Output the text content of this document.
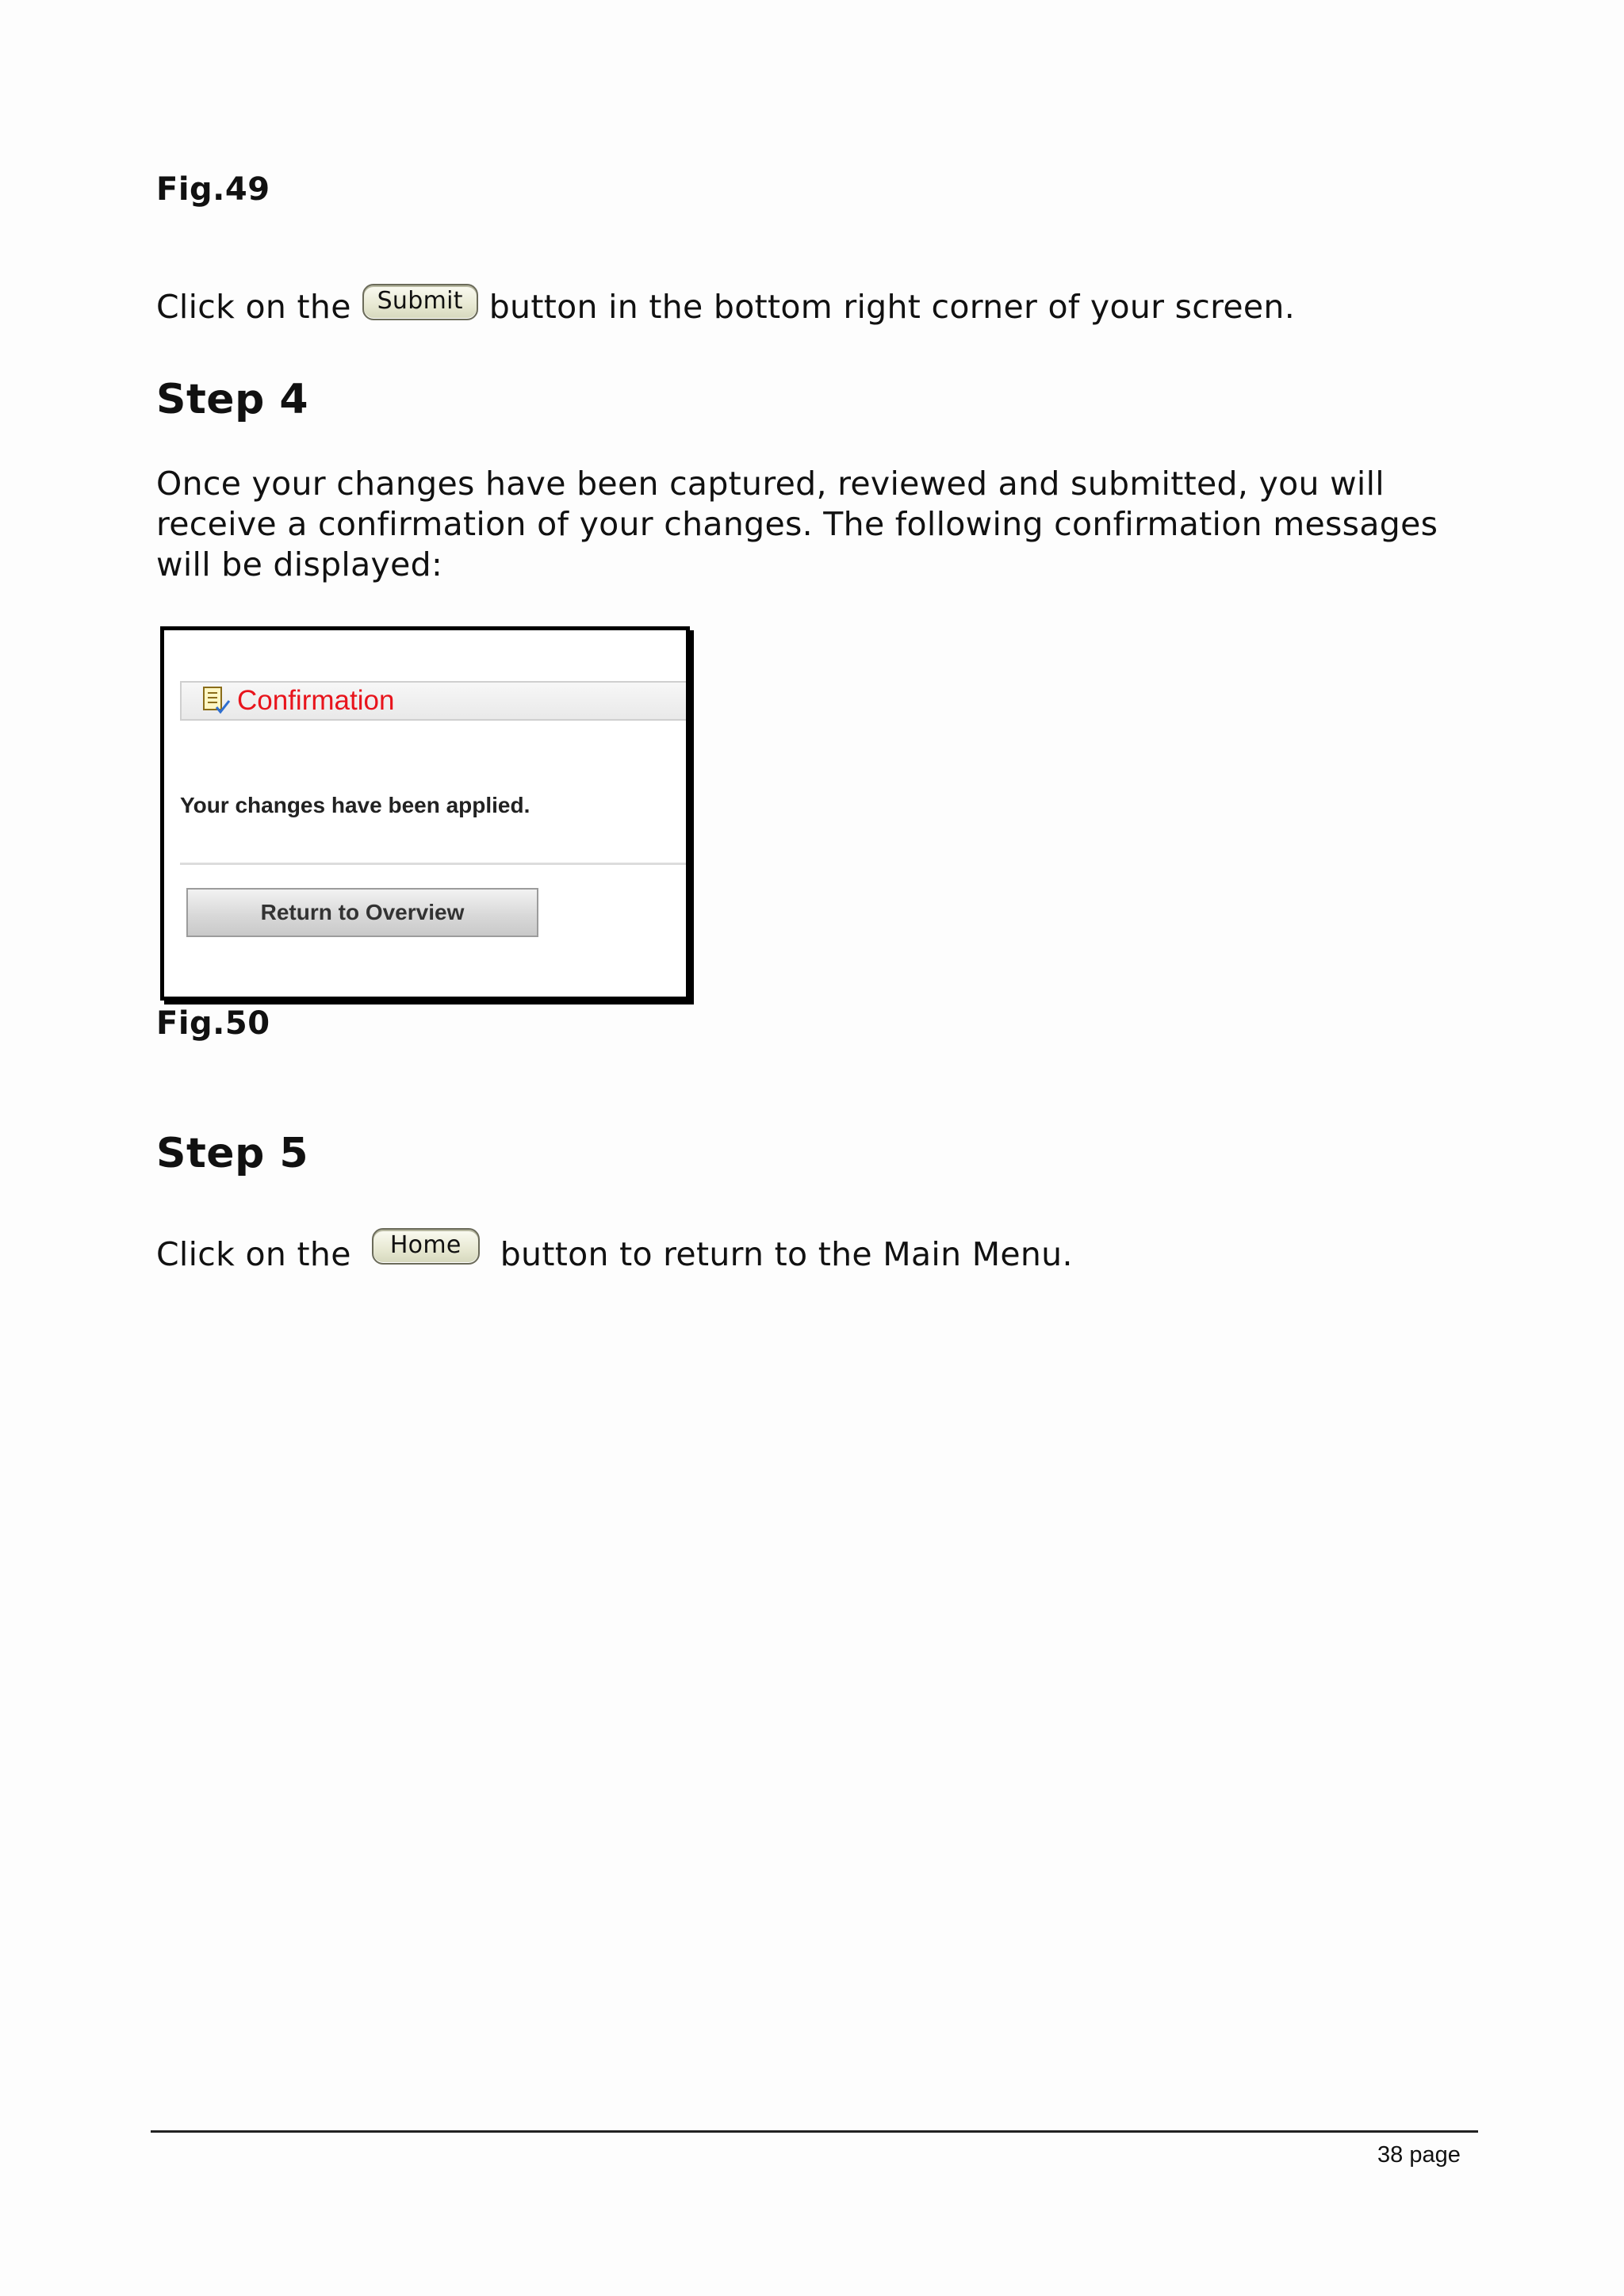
Fig.49
Click on the	Submit button in the bottom right corner of your screen.
Step 4
Once your changes have been captured, reviewed and submitted, you will
receive a confirmation of your changes. The following confirmation messages
will be displayed:
Confirmation
Your changes have been applied.
Return to Overview
Fig.50
Step 5
Click on the	Home	button to return to the Main Menu.
38 page
